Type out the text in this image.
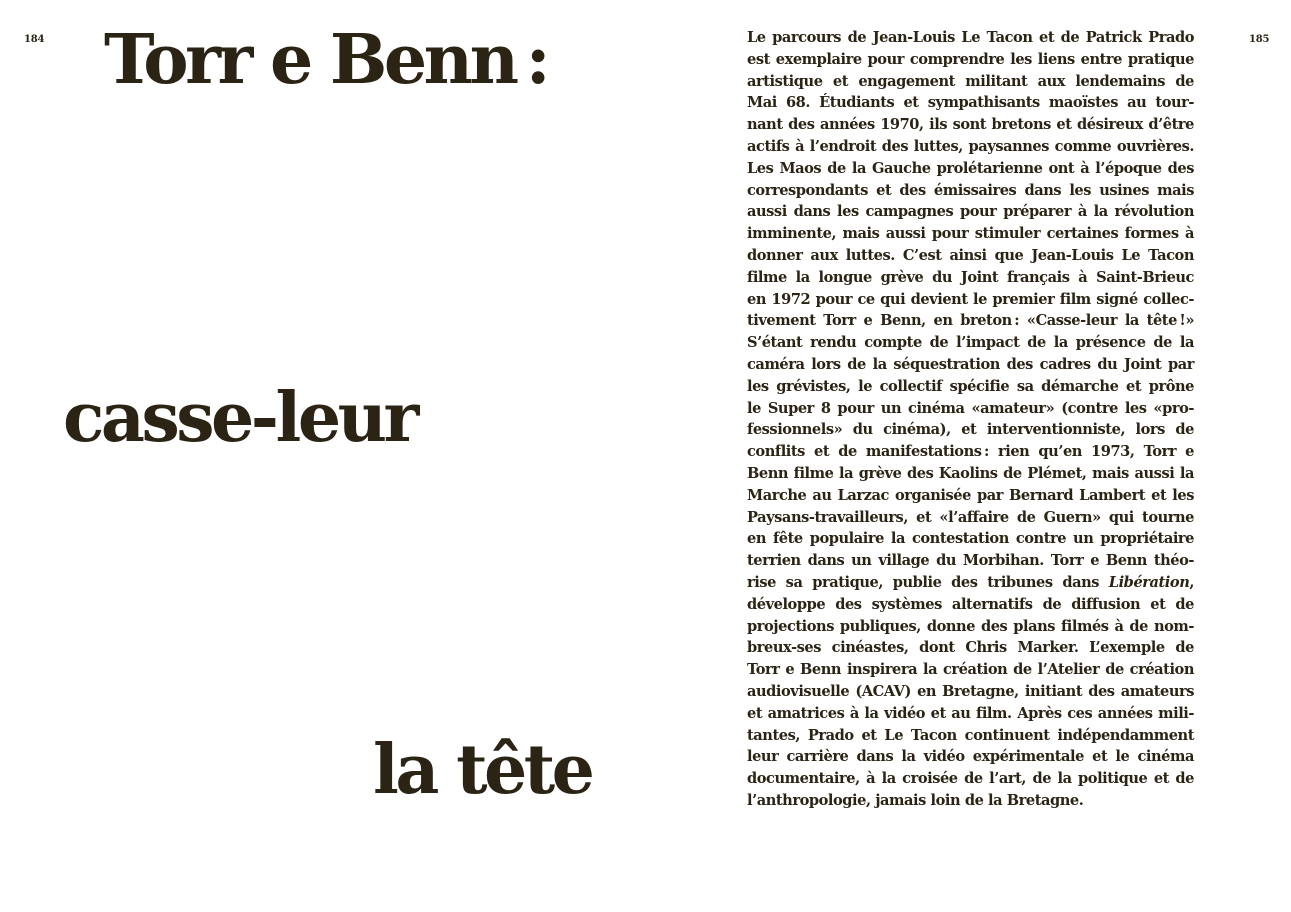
184	185
Torr e Benn :
casse-leur
la tête

Le parcours de Jean-Louis Le Tacon et de Patrick Prado
est exemplaire pour comprendre les liens entre pratique
artistique et engagement militant aux lendemains de
Mai 68. Étudiants et sympathisants maoïstes au tour-
nant des années 1970, ils sont bretons et désireux d’être
actifs à l’endroit des luttes, paysannes comme ouvrières.
Les Maos de la Gauche prolétarienne ont à l’époque des
correspondants et des émissaires dans les usines mais
aussi dans les campagnes pour préparer à la révolution
imminente, mais aussi pour stimuler certaines formes à
donner aux luttes. C’est ainsi que Jean-Louis Le Tacon
filme la longue grève du Joint français à Saint-Brieuc
en 1972 pour ce qui devient le premier film signé collec-
tivement Torr e Benn, en breton : «Casse-leur la tête !»
S’étant rendu compte de l’impact de la présence de la
caméra lors de la séquestration des cadres du Joint par
les grévistes, le collectif spécifie sa démarche et prône
le Super 8 pour un cinéma «amateur» (contre les «pro-
fessionnels» du cinéma), et interventionniste, lors de
conflits et de manifestations : rien qu’en 1973, Torr e
Benn filme la grève des Kaolins de Plémet, mais aussi la
Marche au Larzac organisée par Bernard Lambert et les
Paysans-travailleurs, et «l’affaire de Guern» qui tourne
en fête populaire la contestation contre un propriétaire
terrien dans un village du Morbihan. Torr e Benn théo-
rise sa pratique, publie des tribunes dans Libération,
développe des systèmes alternatifs de diffusion et de
projections publiques, donne des plans filmés à de nom-
breux-ses cinéastes, dont Chris Marker. L’exemple de
Torr e Benn inspirera la création de l’Atelier de création
audiovisuelle (ACAV) en Bretagne, initiant des amateurs
et amatrices à la vidéo et au film. Après ces années mili-
tantes, Prado et Le Tacon continuent indépendamment
leur carrière dans la vidéo expérimentale et le cinéma
documentaire, à la croisée de l’art, de la politique et de
l’anthropologie, jamais loin de la Bretagne.
